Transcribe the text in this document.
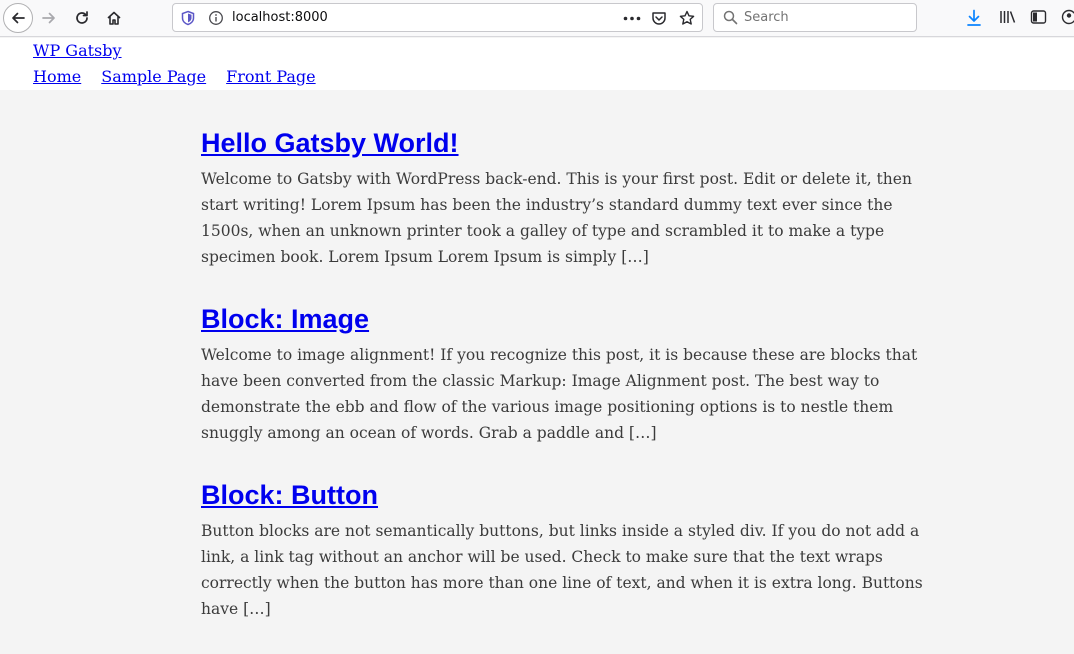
localhost:8000	Search
WP Gatsby
Home Sample Page Front Page
Hello Gatsby World!

Welcome to Gatsby with WordPress back-end. This is your first post. Edit or delete it, then start writing! Lorem Ipsum has been the industry’s standard dummy text ever since the 1500s, when an unknown printer took a galley of type and scrambled it to make a type specimen book. Lorem Ipsum Lorem Ipsum is simply […]

Block: Image

Welcome to image alignment! If you recognize this post, it is because these are blocks that have been converted from the classic Markup: Image Alignment post. The best way to demonstrate the ebb and flow of the various image positioning options is to nestle them snuggly among an ocean of words. Grab a paddle and […]

Block: Button

Button blocks are not semantically buttons, but links inside a styled div. If you do not add a link, a link tag without an anchor will be used. Check to make sure that the text wraps correctly when the button has more than one line of text, and when it is extra long. Buttons have […]
